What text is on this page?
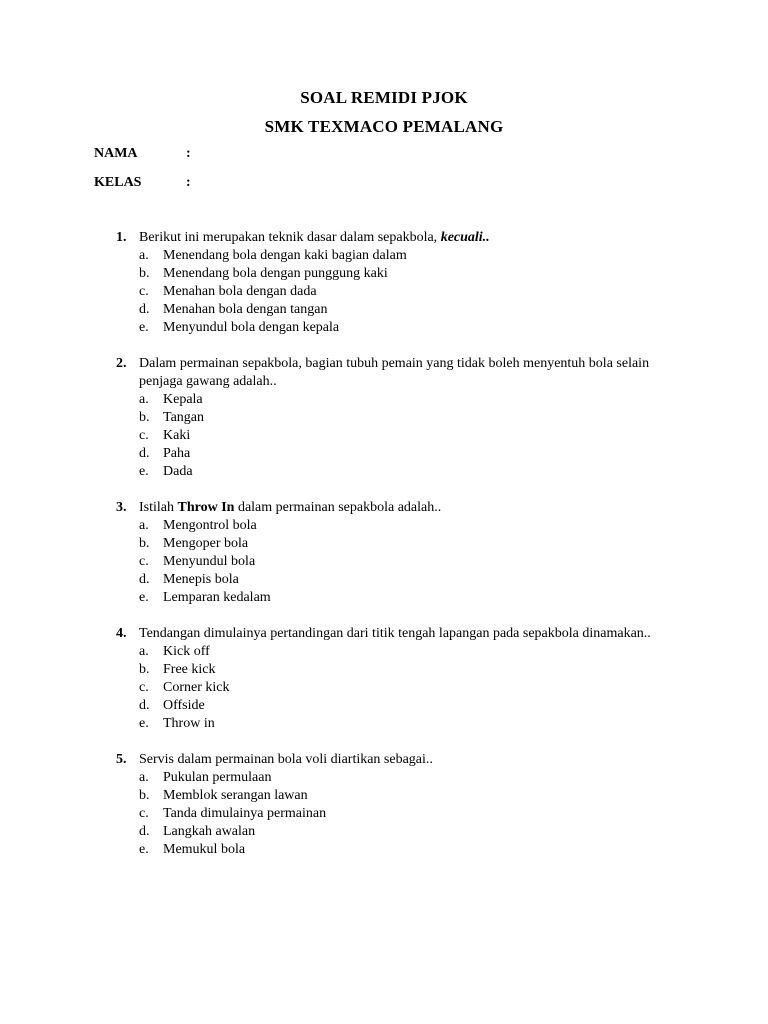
SOAL REMIDI PJOK
SMK TEXMACO PEMALANG
NAMA	:
KELAS	:
1. Berikut ini merupakan teknik dasar dalam sepakbola, kecuali..
a. Menendang bola dengan kaki bagian dalam
b. Menendang bola dengan punggung kaki
c. Menahan bola dengan dada
d. Menahan bola dengan tangan
e. Menyundul bola dengan kepala
2. Dalam permainan sepakbola, bagian tubuh pemain yang tidak boleh menyentuh bola selain penjaga gawang adalah..
a. Kepala
b. Tangan
c. Kaki
d. Paha
e. Dada
3. Istilah Throw In dalam permainan sepakbola adalah..
a. Mengontrol bola
b. Mengoper bola
c. Menyundul bola
d. Menepis bola
e. Lemparan kedalam
4. Tendangan dimulainya pertandingan dari titik tengah lapangan pada sepakbola dinamakan..
a. Kick off
b. Free kick
c. Corner kick
d. Offside
e. Throw in
5. Servis dalam permainan bola voli diartikan sebagai..
a. Pukulan permulaan
b. Memblok serangan lawan
c. Tanda dimulainya permainan
d. Langkah awalan
e. Memukul bola
